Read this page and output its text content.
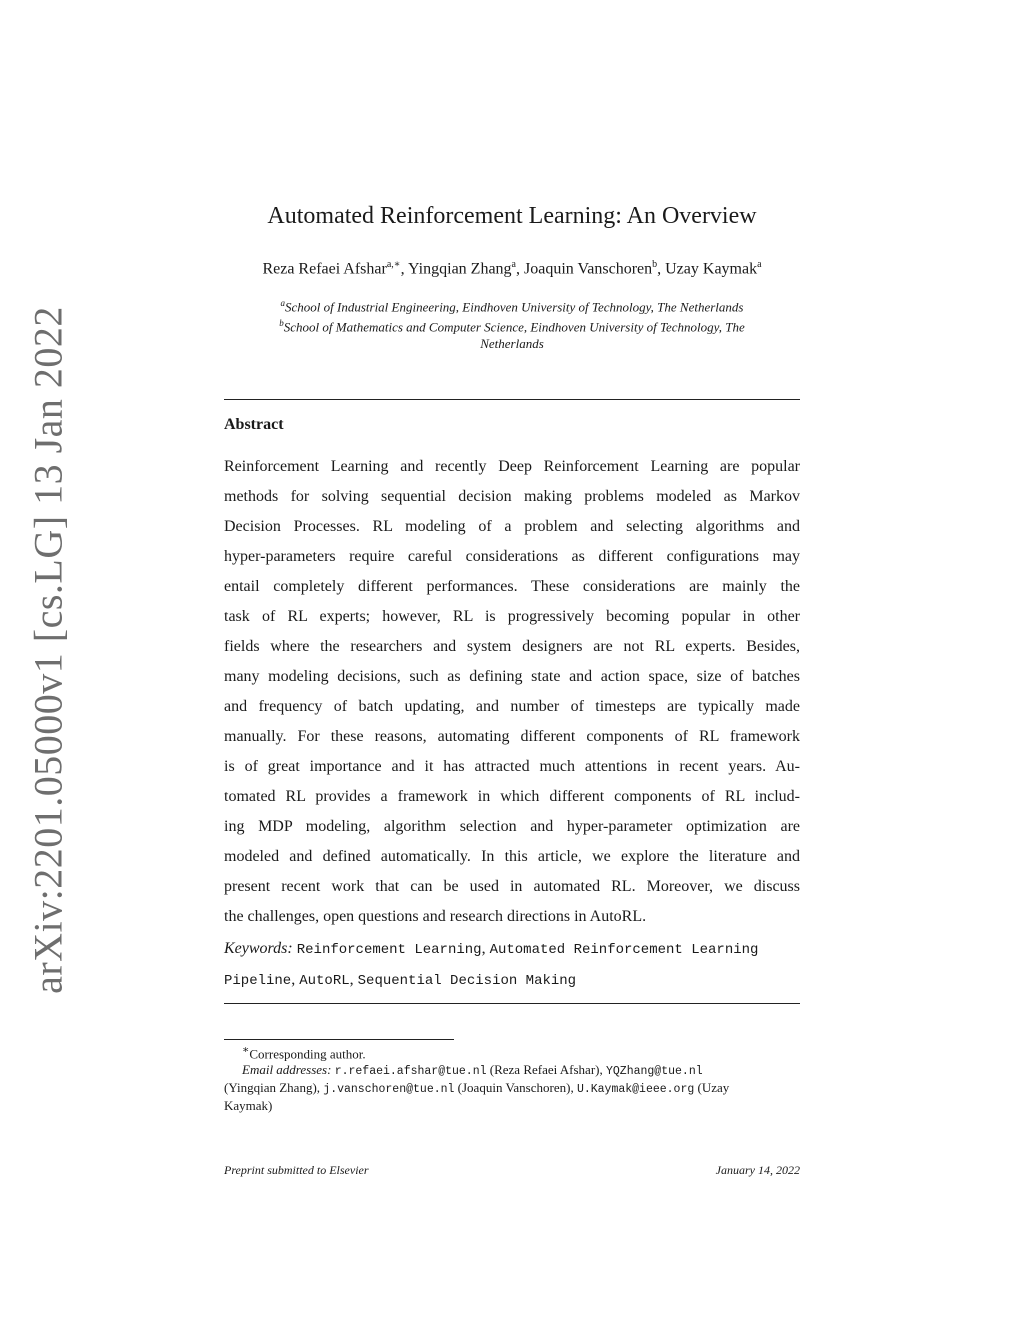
arXiv:2201.05000v1 [cs.LG] 13 Jan 2022
Automated Reinforcement Learning: An Overview
Reza Refaei Afshar$^{a,∗}$, Yingqian Zhang$^a$, Joaquin Vanschoren$^b$, Uzay Kaymak$^a$
$^a$School of Industrial Engineering, Eindhoven University of Technology, The Netherlands
$^b$School of Mathematics and Computer Science, Eindhoven University of Technology, The
Netherlands
Abstract
Reinforcement Learning and recently Deep Reinforcement Learning are popular
methods for solving sequential decision making problems modeled as Markov
Decision Processes. RL modeling of a problem and selecting algorithms and
hyper-parameters require careful considerations as different configurations may
entail completely different performances. These considerations are mainly the
task of RL experts; however, RL is progressively becoming popular in other
fields where the researchers and system designers are not RL experts. Besides,
many modeling decisions, such as defining state and action space, size of batches
and frequency of batch updating, and number of timesteps are typically made
manually. For these reasons, automating different components of RL framework
is of great importance and it has attracted much attentions in recent years. Au-
tomated RL provides a framework in which different components of RL includ-
ing MDP modeling, algorithm selection and hyper-parameter optimization are
modeled and defined automatically. In this article, we explore the literature and
present recent work that can be used in automated RL. Moreover, we discuss
the challenges, open questions and research directions in AutoRL.
Keywords: Reinforcement Learning, Automated Reinforcement Learning Pipeline, AutoRL, Sequential Decision Making
∗Corresponding author.
Email addresses: r.refaei.afshar@tue.nl (Reza Refaei Afshar), YQZhang@tue.nl
(Yingqian Zhang), j.vanschoren@tue.nl (Joaquin Vanschoren), U.Kaymak@ieee.org (Uzay
Kaymak)
Preprint submitted to Elsevier	January 14, 2022
